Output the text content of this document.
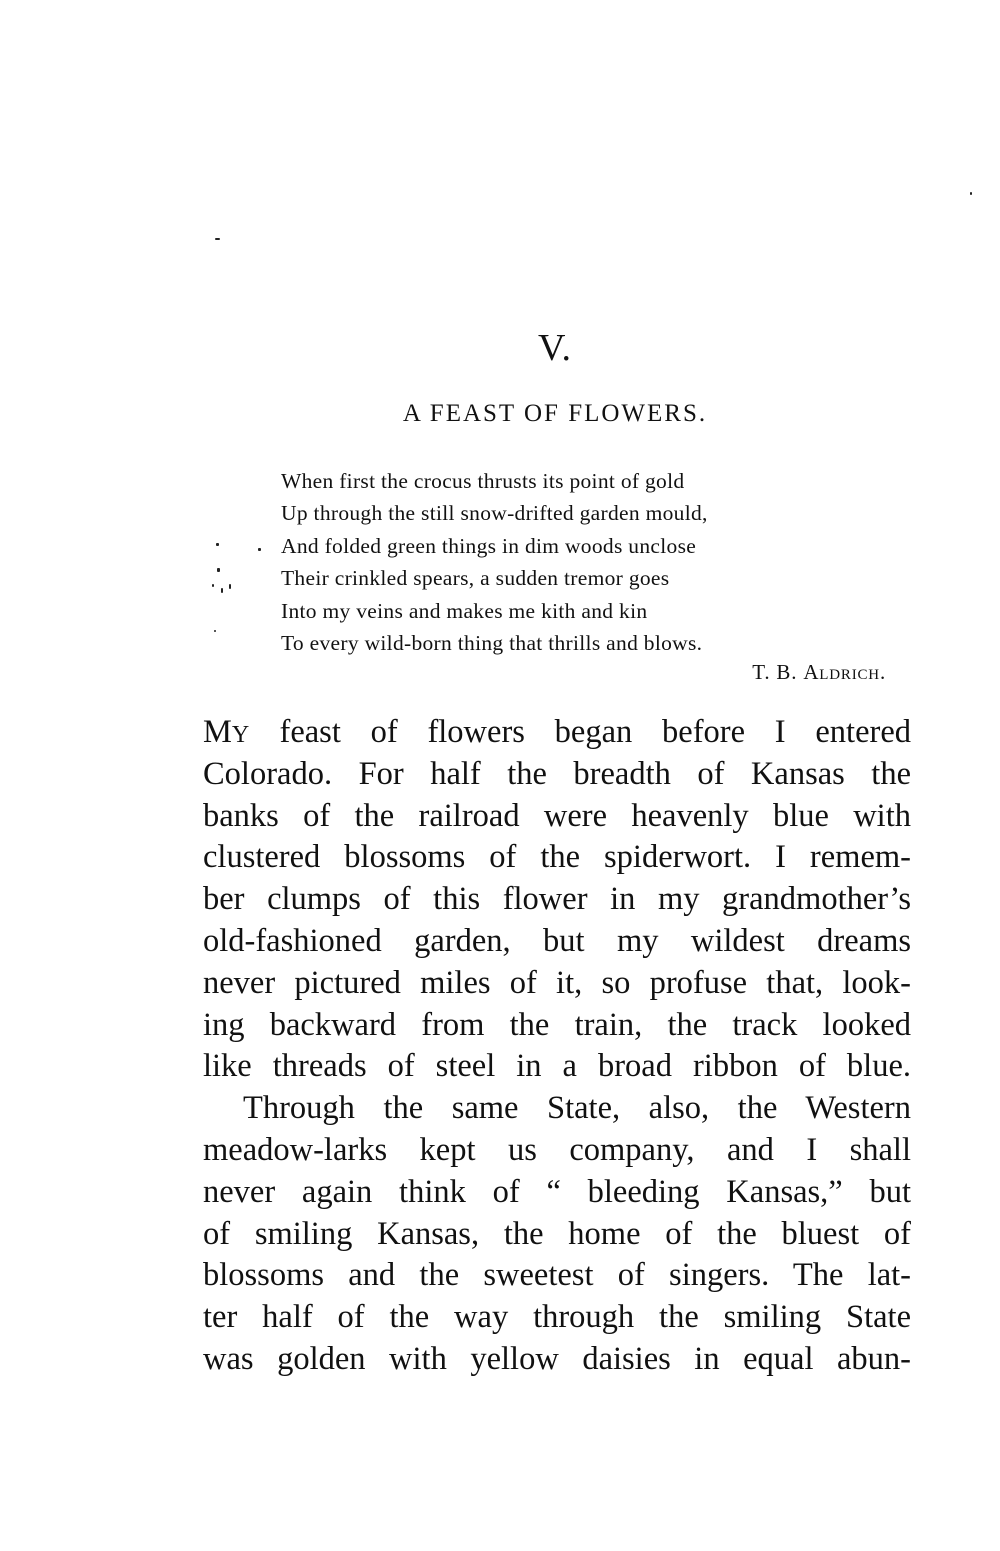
V.
A FEAST OF FLOWERS.
When first the crocus thrusts its point of gold
Up through the still snow-drifted garden mould,
And folded green things in dim woods unclose
Their crinkled spears, a sudden tremor goes
Into my veins and makes me kith and kin
To every wild-born thing that thrills and blows.
T. B. Aldrich.

MY feast of flowers began before I entered
Colorado. For half the breadth of Kansas the
banks of the railroad were heavenly blue with
clustered blossoms of the spiderwort. I remem-
ber clumps of this flower in my grandmother’s
old-fashioned garden, but my wildest dreams
never pictured miles of it, so profuse that, look-
ing backward from the train, the track looked
like threads of steel in a broad ribbon of blue.

Through the same State, also, the Western
meadow-larks kept us company, and I shall
never again think of “ bleeding Kansas,” but
of smiling Kansas, the home of the bluest of
blossoms and the sweetest of singers. The lat-
ter half of the way through the smiling State
was golden with yellow daisies in equal abun-
